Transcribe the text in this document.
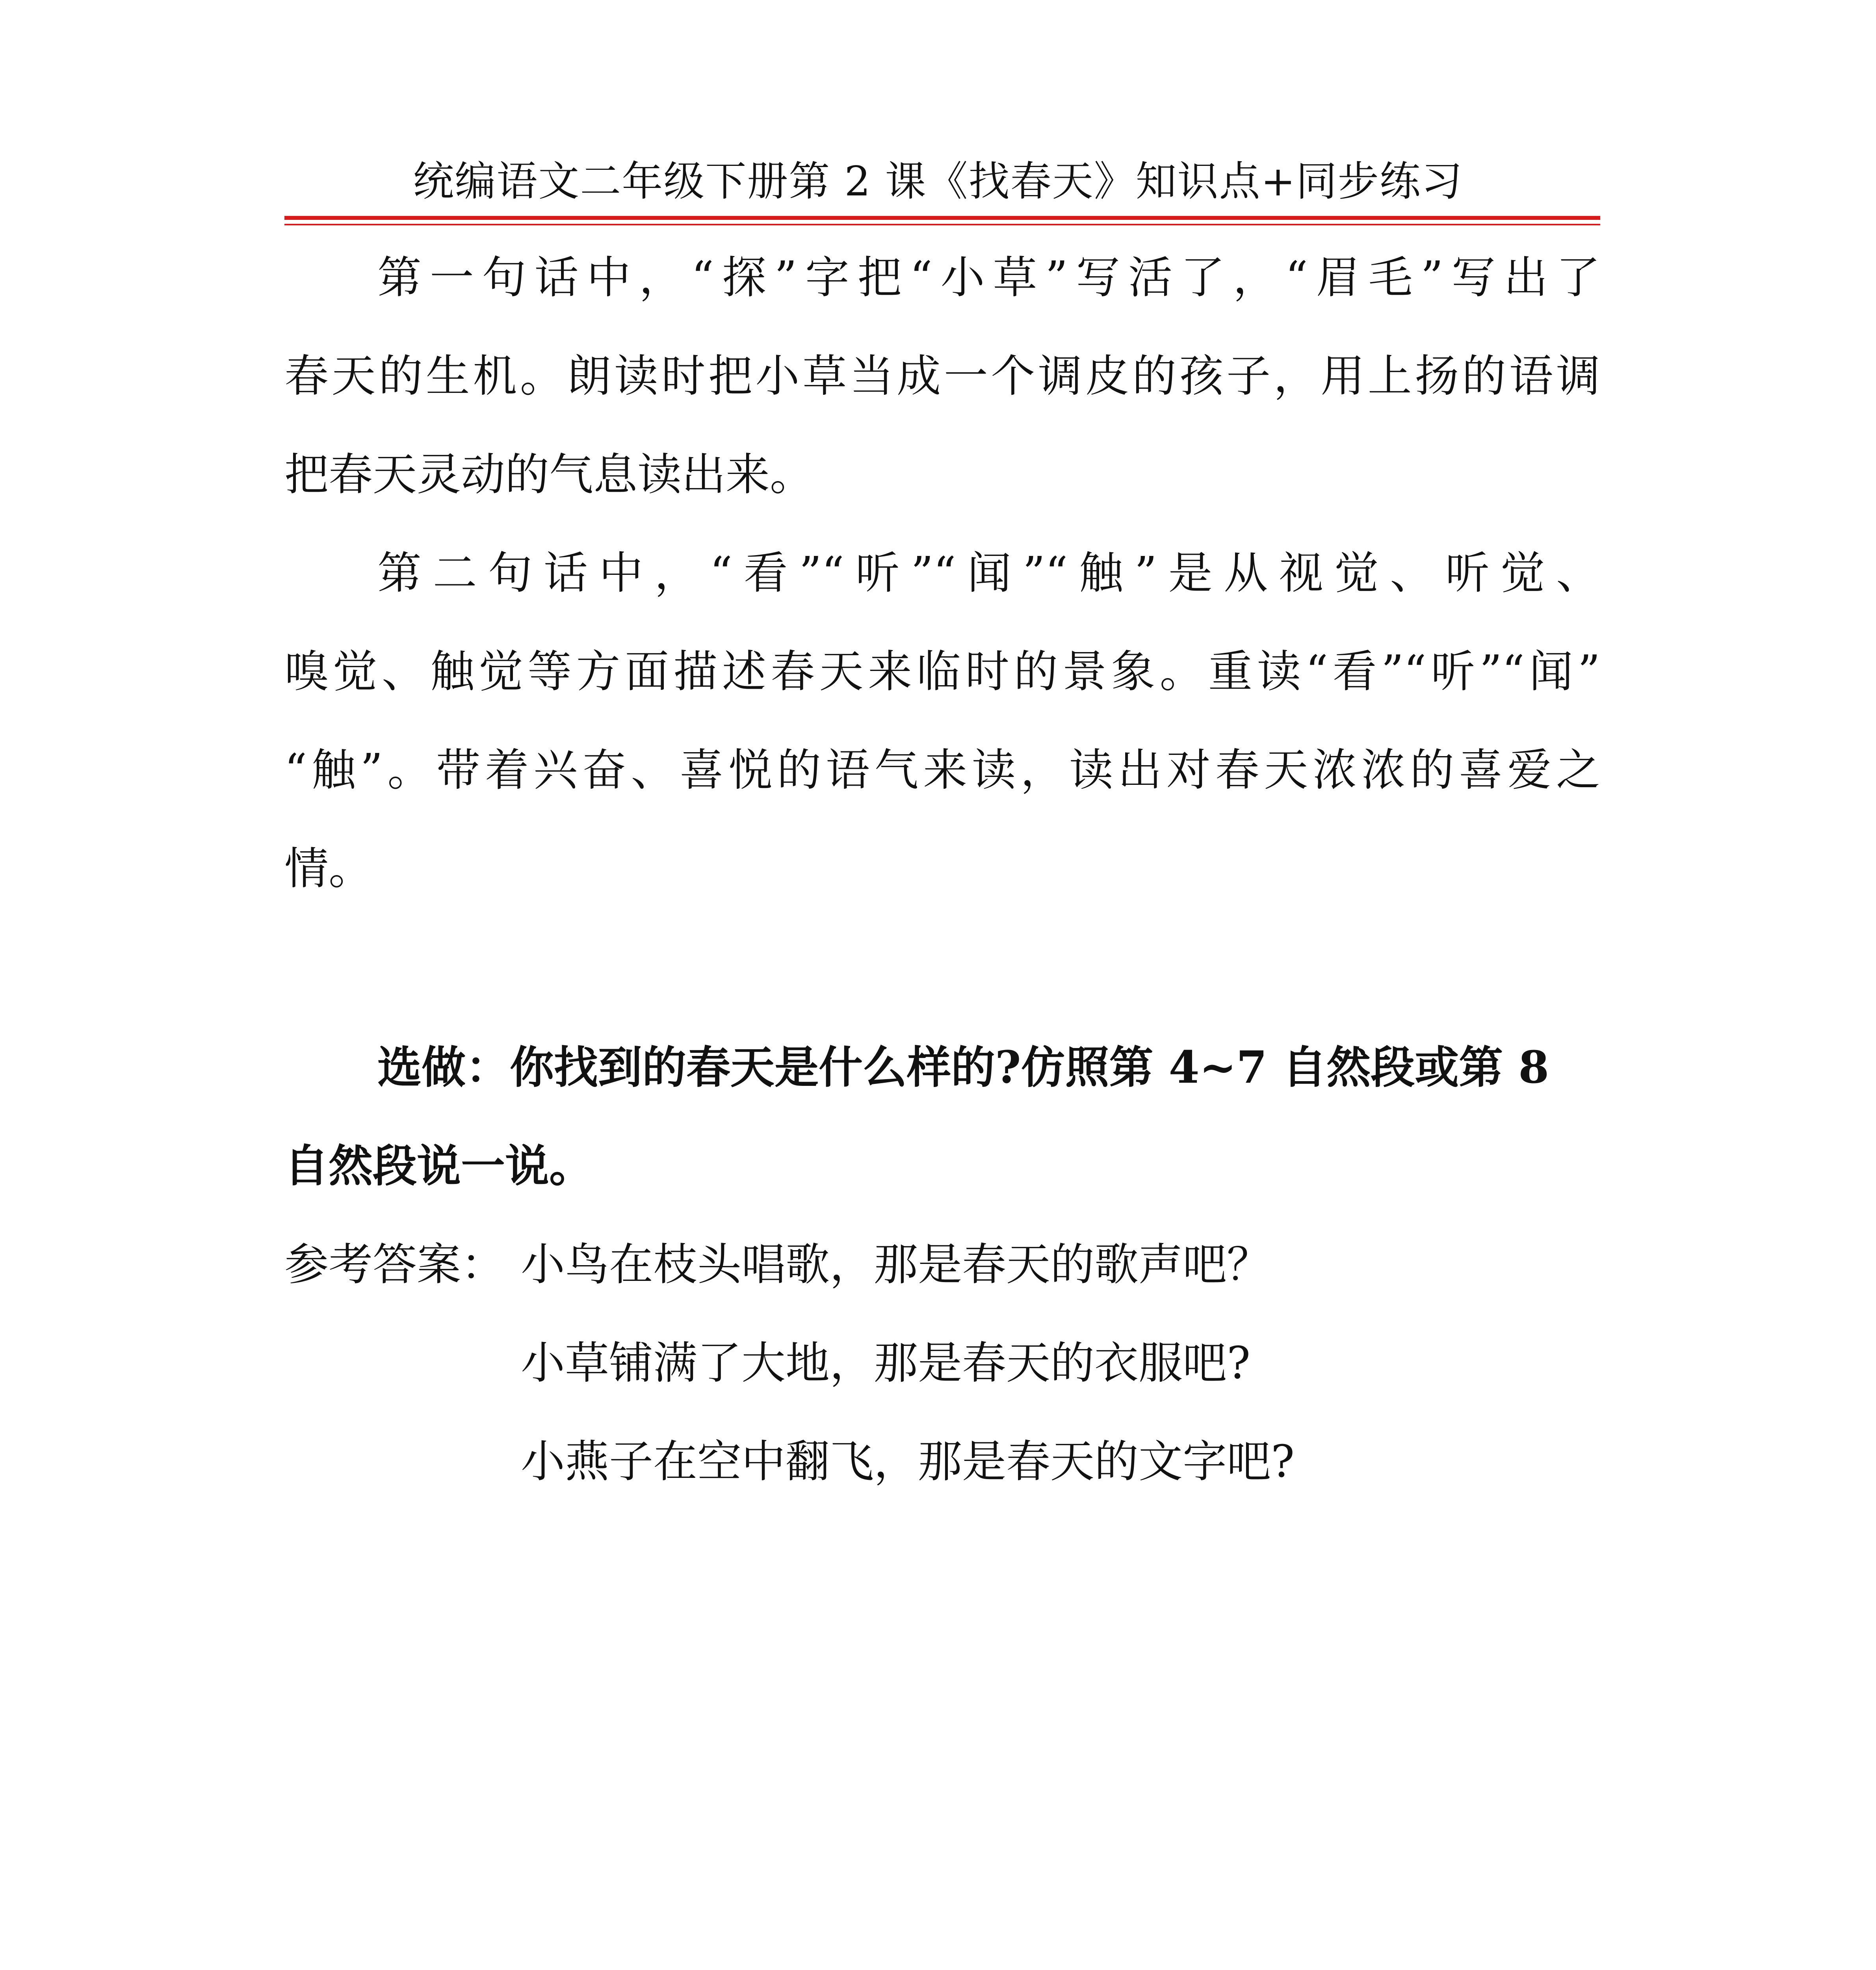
统编语文二年级下册第 2 课《找春天》知识点+同步练习
第一句话中，“探”字把“小草”写活了，“眉毛”写出了
春天的生机。朗读时把小草当成一个调皮的孩子，用上扬的语调
把春天灵动的气息读出来。
第二句话中，“看”“听”“闻”“触”是从视觉、听觉、
嗅觉、触觉等方面描述春天来临时的景象。重读“看”“听”“闻”
“触”。带着兴奋、喜悦的语气来读，读出对春天浓浓的喜爱之
情。
选做：你找到的春天是什么样的?仿照第 4~7 自然段或第 8
自然段说一说。
参考答案： 小鸟在枝头唱歌，那是春天的歌声吧？
小草铺满了大地，那是春天的衣服吧?
小燕子在空中翻飞，那是春天的文字吧?
